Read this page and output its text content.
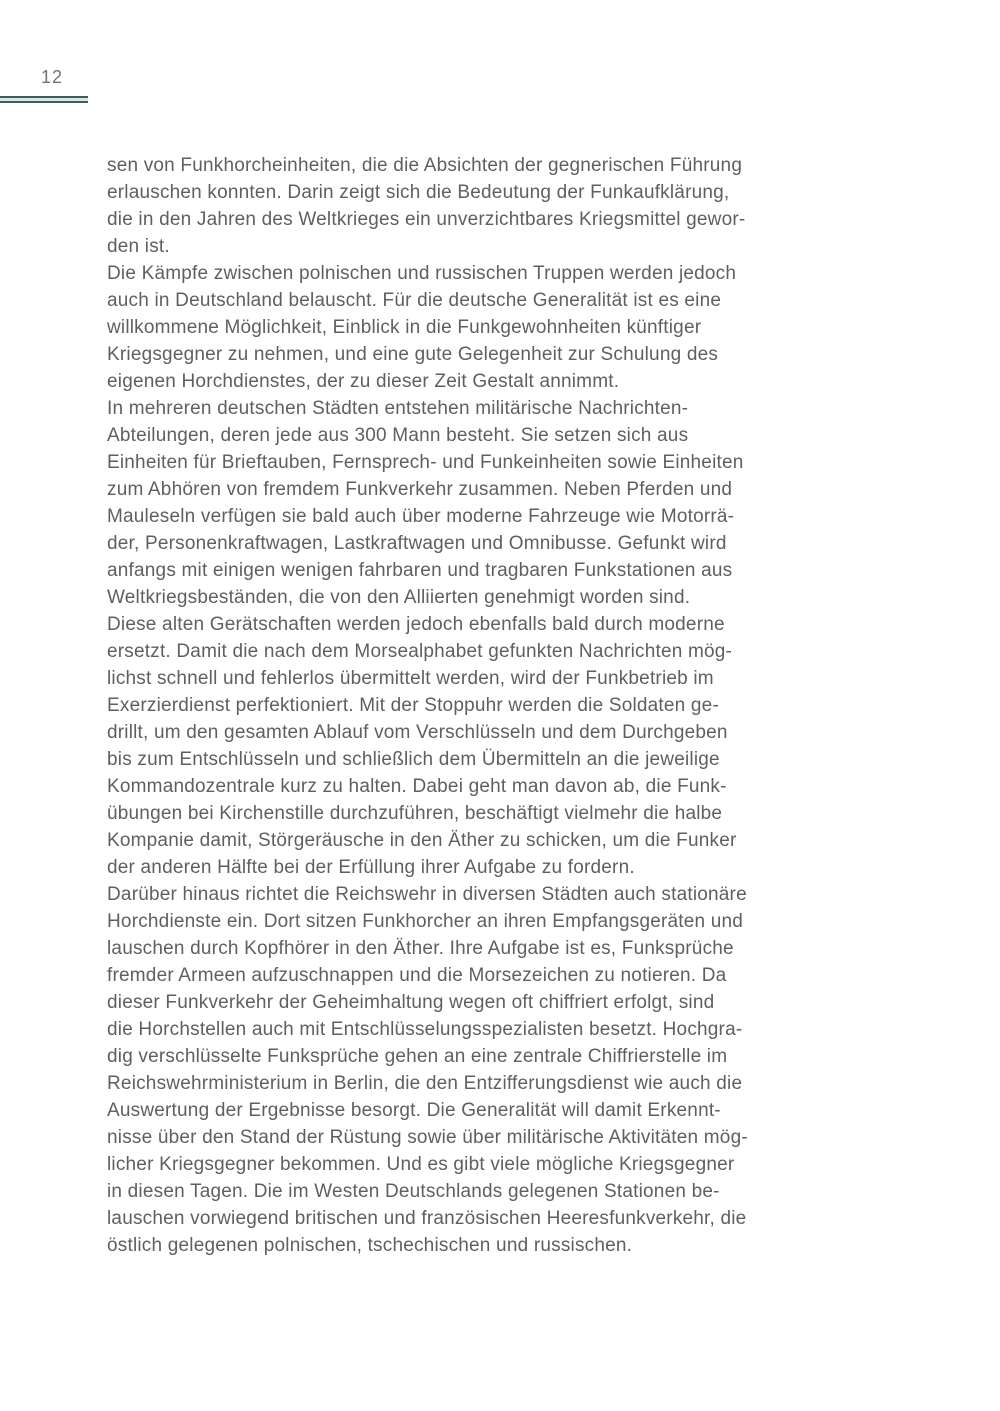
12
sen von Funkhorcheinheiten, die die Absichten der gegnerischen Führung
erlauschen konnten. Darin zeigt sich die Bedeutung der Funkaufklärung,
die in den Jahren des Weltkrieges ein unverzichtbares Kriegsmittel gewor-
den ist.
Die Kämpfe zwischen polnischen und russischen Truppen werden jedoch
auch in Deutschland belauscht. Für die deutsche Generalität ist es eine
willkommene Möglichkeit, Einblick in die Funkgewohnheiten künftiger
Kriegsgegner zu nehmen, und eine gute Gelegenheit zur Schulung des
eigenen Horchdienstes, der zu dieser Zeit Gestalt annimmt.
In mehreren deutschen Städten entstehen militärische Nachrichten-
Abteilungen, deren jede aus 300 Mann besteht. Sie setzen sich aus
Einheiten für Brieftauben, Fernsprech- und Funkeinheiten sowie Einheiten
zum Abhören von fremdem Funkverkehr zusammen. Neben Pferden und
Mauleseln verfügen sie bald auch über moderne Fahrzeuge wie Motorrä-
der, Personenkraftwagen, Lastkraftwagen und Omnibusse. Gefunkt wird
anfangs mit einigen wenigen fahrbaren und tragbaren Funkstationen aus
Weltkriegsbeständen, die von den Alliierten genehmigt worden sind.
Diese alten Gerätschaften werden jedoch ebenfalls bald durch moderne
ersetzt. Damit die nach dem Morsealphabet gefunkten Nachrichten mög-
lichst schnell und fehlerlos übermittelt werden, wird der Funkbetrieb im
Exerzierdienst perfektioniert. Mit der Stoppuhr werden die Soldaten ge-
drillt, um den gesamten Ablauf vom Verschlüsseln und dem Durchgeben
bis zum Entschlüsseln und schließlich dem Übermitteln an die jeweilige
Kommandozentrale kurz zu halten. Dabei geht man davon ab, die Funk-
übungen bei Kirchenstille durchzuführen, beschäftigt vielmehr die halbe
Kompanie damit, Störgeräusche in den Äther zu schicken, um die Funker
der anderen Hälfte bei der Erfüllung ihrer Aufgabe zu fordern.
Darüber hinaus richtet die Reichswehr in diversen Städten auch stationäre
Horchdienste ein. Dort sitzen Funkhorcher an ihren Empfangsgeräten und
lauschen durch Kopfhörer in den Äther. Ihre Aufgabe ist es, Funksprüche
fremder Armeen aufzuschnappen und die Morsezeichen zu notieren. Da
dieser Funkverkehr der Geheimhaltung wegen oft chiffriert erfolgt, sind
die Horchstellen auch mit Entschlüsselungsspezialisten besetzt. Hochgra-
dig verschlüsselte Funksprüche gehen an eine zentrale Chiffrierstelle im
Reichswehrministerium in Berlin, die den Entzifferungsdienst wie auch die
Auswertung der Ergebnisse besorgt. Die Generalität will damit Erkennt-
nisse über den Stand der Rüstung sowie über militärische Aktivitäten mög-
licher Kriegsgegner bekommen. Und es gibt viele mögliche Kriegsgegner
in diesen Tagen. Die im Westen Deutschlands gelegenen Stationen be-
lauschen vorwiegend britischen und französischen Heeresfunkverkehr, die
östlich gelegenen polnischen, tschechischen und russischen.
